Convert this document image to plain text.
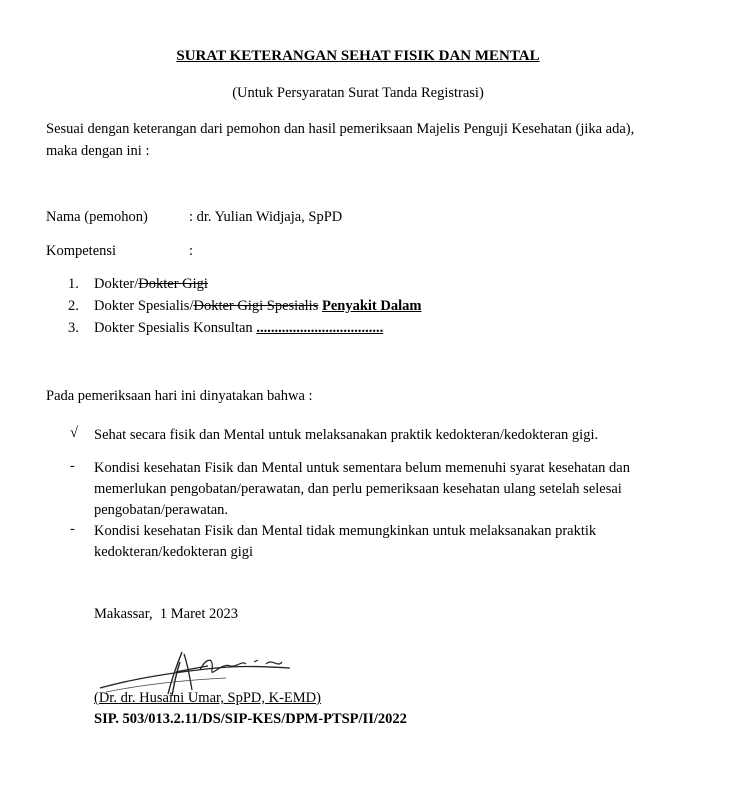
SURAT KETERANGAN SEHAT FISIK DAN MENTAL
(Untuk Persyaratan Surat Tanda Registrasi)
Sesuai dengan keterangan dari pemohon dan hasil pemeriksaan Majelis Penguji Kesehatan (jika ada), maka dengan ini :
Nama (pemohon)	: dr. Yulian Widjaja, SpPD
Kompetensi	:
1. Dokter/Dokter Gigi
2. Dokter Spesialis/Dokter Gigi Spesialis Penyakit Dalam
3. Dokter Spesialis Konsultan ...................................
Pada pemeriksaan hari ini dinyatakan bahwa :
√ Sehat secara fisik dan Mental untuk melaksanakan praktik kedokteran/kedokteran gigi.
- Kondisi kesehatan Fisik dan Mental untuk sementara belum memenuhi syarat kesehatan dan memerlukan pengobatan/perawatan, dan perlu pemeriksaan kesehatan ulang setelah selesai pengobatan/perawatan.
- Kondisi kesehatan Fisik dan Mental tidak memungkinkan untuk melaksanakan praktik kedokteran/kedokteran gigi
Makassar,  1 Maret 2023
(Dr. dr. Husaini Umar, SpPD, K-EMD)
SIP. 503/013.2.11/DS/SIP-KES/DPM-PTSP/II/2022
